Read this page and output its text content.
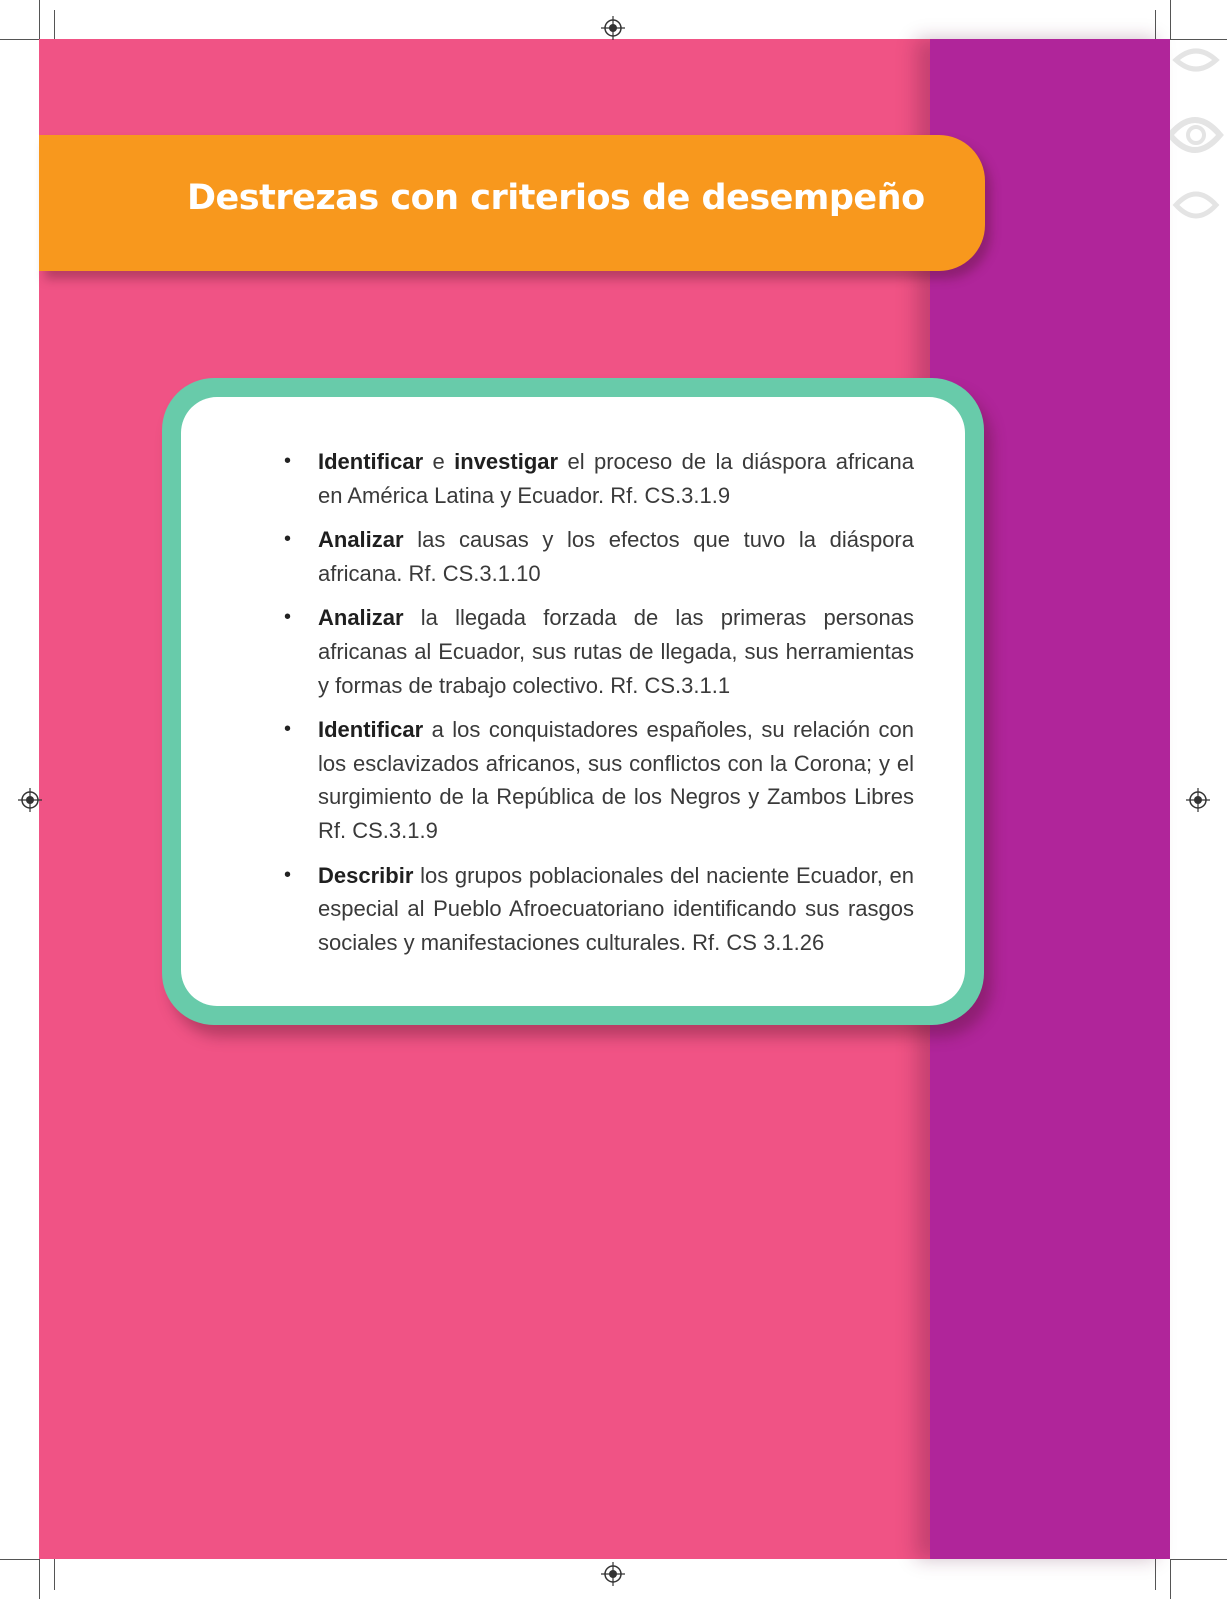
Destrezas con criterios de desempeño
• Identificar e investigar el proceso de la diáspora africana en América Latina y Ecuador. Rf. CS.3.1.9
• Analizar las causas y los efectos que tuvo la diáspora africana. Rf. CS.3.1.10
• Analizar la llegada forzada de las primeras personas africanas al Ecuador, sus rutas de llegada, sus herramientas y formas de trabajo colectivo. Rf. CS.3.1.1
• Identificar a los conquistadores españoles, su relación con los esclavizados africanos, sus conflictos con la Corona; y el surgimiento de la República de los Negros y Zambos Libres Rf. CS.3.1.9
• Describir los grupos poblacionales del naciente Ecuador, en especial al Pueblo Afroecuatoriano identificando sus rasgos sociales y manifestaciones culturales. Rf. CS 3.1.26
